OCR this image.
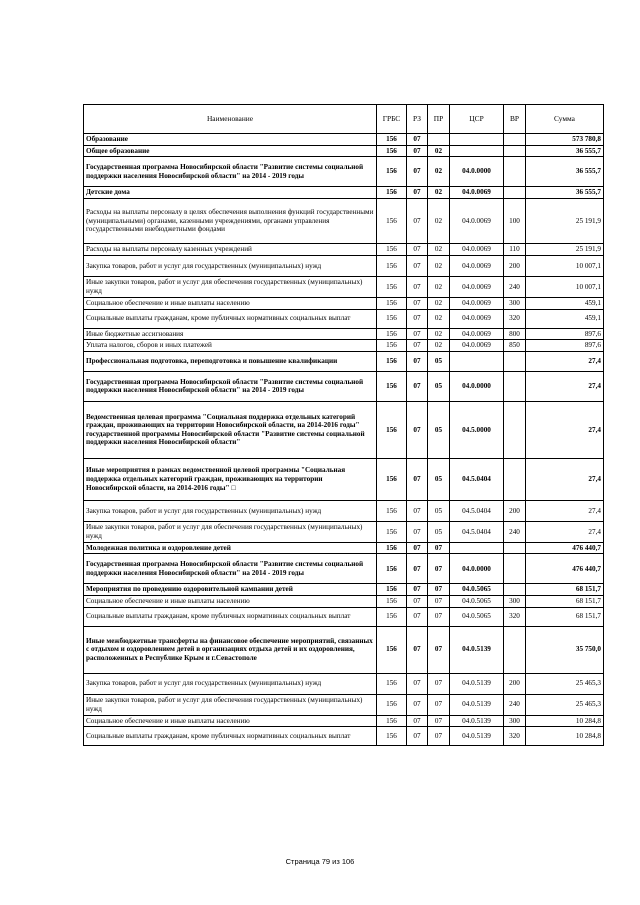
Наименование	ГРБС	РЗ	ПР	ЦСР	ВР	Сумма
Образование	156	07				573 780,8
Общее образование	156	07	02			36 555,7
Государственная программа Новосибирской области "Развитие системы социальной поддержки населения Новосибирской области" на 2014 - 2019 годы	156	07	02	04.0.0000		36 555,7
Детские дома	156	07	02	04.0.0069		36 555,7
Расходы на выплаты персоналу в целях обеспечения выполнения функций государственными (муниципальными) органами, казенными учреждениями, органами управления государственными внебюджетными фондами	156	07	02	04.0.0069	100	25 191,9
Расходы на выплаты персоналу казенных учреждений	156	07	02	04.0.0069	110	25 191,9
Закупка товаров, работ и услуг для государственных (муниципальных) нужд	156	07	02	04.0.0069	200	10 007,1
Иные закупки товаров, работ и услуг для обеспечения государственных (муниципальных) нужд	156	07	02	04.0.0069	240	10 007,1
Социальное обеспечение и иные выплаты населению	156	07	02	04.0.0069	300	459,1
Социальные выплаты гражданам, кроме публичных нормативных социальных выплат	156	07	02	04.0.0069	320	459,1
Иные бюджетные ассигнования	156	07	02	04.0.0069	800	897,6
Уплата налогов, сборов и иных платежей	156	07	02	04.0.0069	850	897,6
Профессиональная подготовка, переподготовка и повышение квалификации	156	07	05			27,4
Государственная программа Новосибирской области "Развитие системы социальной поддержки населения Новосибирской области" на 2014 - 2019 годы	156	07	05	04.0.0000		27,4
Ведомственная целевая программа "Социальная поддержка отдельных категорий граждан, проживающих на территории Новосибирской области, на 2014-2016 годы" государственной программы Новосибирской области "Развитие системы социальной поддержки населения Новосибирской области"	156	07	05	04.5.0000		27,4
Иные мероприятия в рамках ведомственной целевой программы "Социальная поддержка отдельных категорий граждан, проживающих на территории Новосибирской области, на 2014-2016 годы" □	156	07	05	04.5.0404		27,4
Закупка товаров, работ и услуг для государственных (муниципальных) нужд	156	07	05	04.5.0404	200	27,4
Иные закупки товаров, работ и услуг для обеспечения государственных (муниципальных) нужд	156	07	05	04.5.0404	240	27,4
Молодежная политика и оздоровление детей	156	07	07			476 440,7
Государственная программа Новосибирской области "Развитие системы социальной поддержки населения Новосибирской области" на 2014 - 2019 годы	156	07	07	04.0.0000		476 440,7
Мероприятия по проведению оздоровительной кампании детей	156	07	07	04.0.5065		68 151,7
Социальное обеспечение и иные выплаты населению	156	07	07	04.0.5065	300	68 151,7
Социальные выплаты гражданам, кроме публичных нормативных социальных выплат	156	07	07	04.0.5065	320	68 151,7
Иные межбюджетные трансферты на финансовое обеспечение мероприятий, связанных с отдыхом и оздоровлением детей в организациях отдыха детей и их оздоровления, расположенных в Республике Крым и г.Севастополе	156	07	07	04.0.5139		35 750,0
Закупка товаров, работ и услуг для государственных (муниципальных) нужд	156	07	07	04.0.5139	200	25 465,3
Иные закупки товаров, работ и услуг для обеспечения государственных (муниципальных) нужд	156	07	07	04.0.5139	240	25 465,3
Социальное обеспечение и иные выплаты населению	156	07	07	04.0.5139	300	10 284,8
Социальные выплаты гражданам, кроме публичных нормативных социальных выплат	156	07	07	04.0.5139	320	10 284,8
Страница 79 из 106
